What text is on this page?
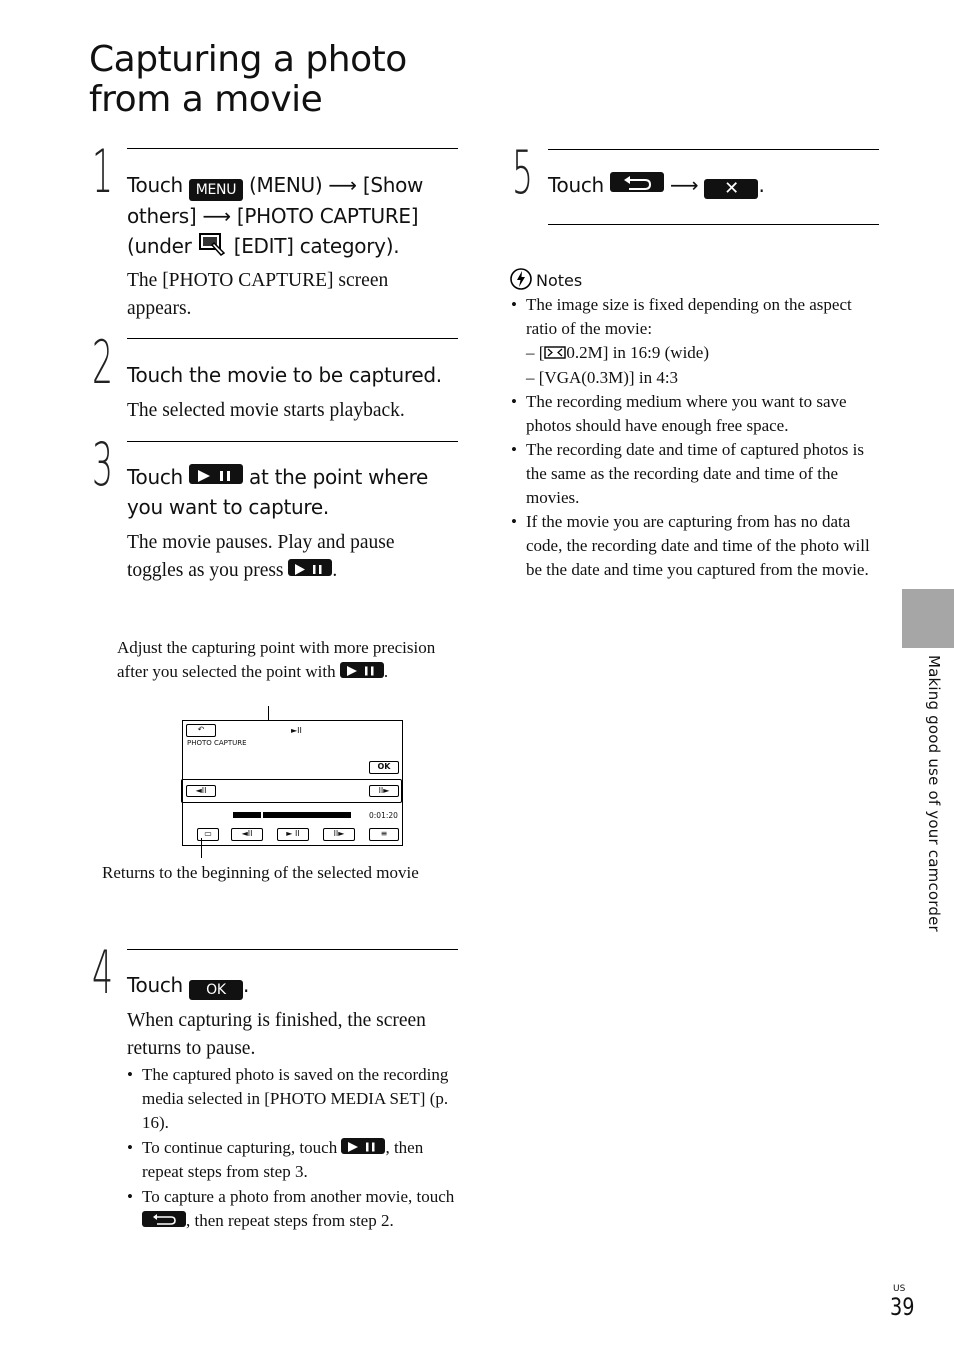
Capturing a photo
from a movie
1 Touch MENU (MENU) ⟶ [Show
others] ⟶ [PHOTO CAPTURE]
(under [EDIT] category).
The [PHOTO CAPTURE] screen appears.
2 Touch the movie to be captured.
The selected movie starts playback.
3 Touch	at the point where
you want to capture.
The movie pauses. Play and pause
toggles as you press	.
Adjust the capturing point with more precision after you selected the point with	.
↶
PHOTO CAPTURE
►II
OK
◄II	II►
0:01:20
▭	◄II	► II	II►	≡
Returns to the beginning of the selected movie
4 Touch OK .
When capturing is finished, the screen returns to pause.
• The captured photo is saved on the recording media selected in [PHOTO MEDIA SET] (p. 16).
• To continue capturing, touch	, then repeat steps from step 3.
• To capture a photo from another movie, touch , then repeat steps from step 2.
5 Touch	⟶ ✕ .
Notes
• The image size is fixed depending on the aspect ratio of the movie:
– [ 0.2M] in 16:9 (wide)
– [VGA(0.3M)] in 4:3
• The recording medium where you want to save photos should have enough free space.
• The recording date and time of captured photos is the same as the recording date and time of the movies.
• If the movie you are capturing from has no data code, the recording date and time of the photo will be the date and time you captured from the movie.
Making good use of your camcorder
US
39
